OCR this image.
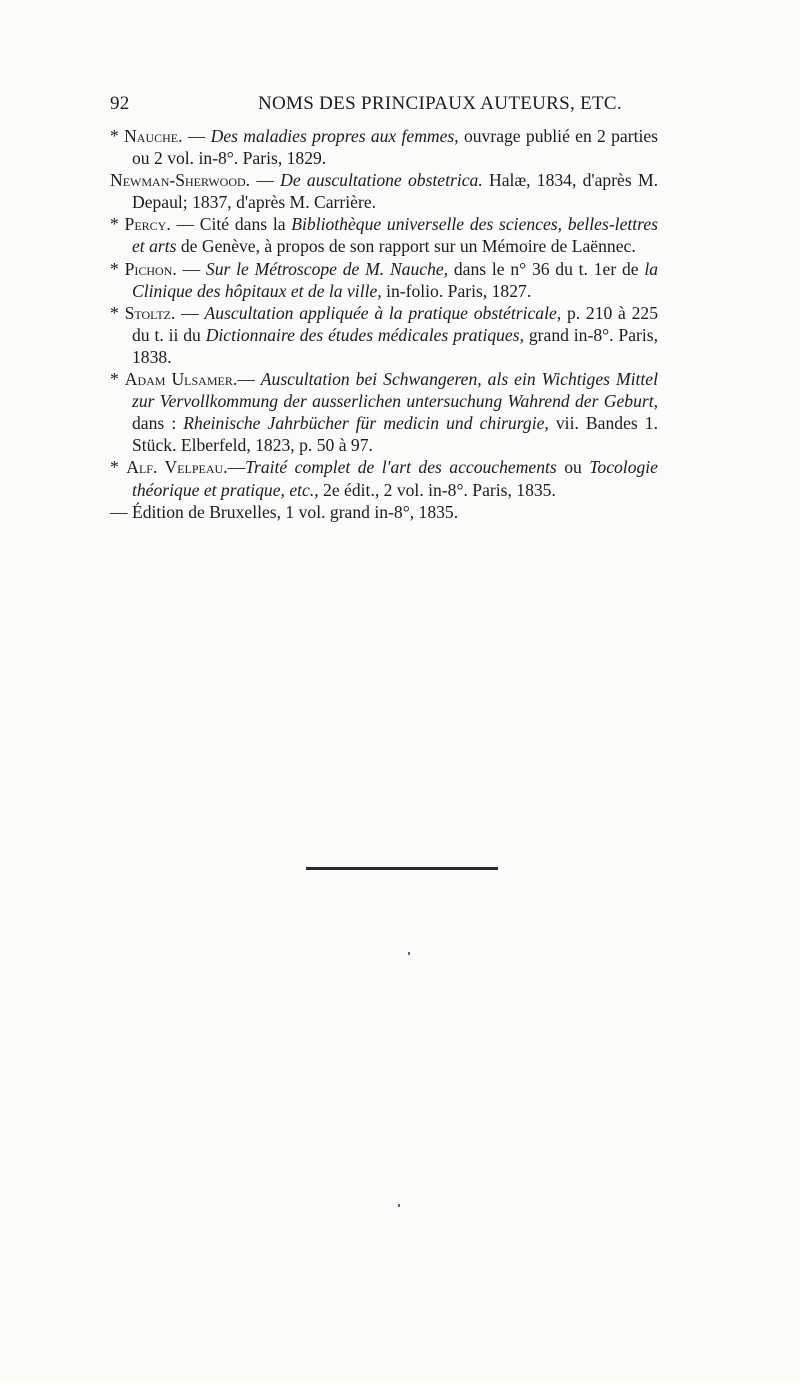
92	NOMS DES PRINCIPAUX AUTEURS, ETC.

* Nauche. — Des maladies propres aux femmes, ouvrage publié en 2 parties ou 2 vol. in-8°. Paris, 1829.

Newman-Sherwood. — De auscultatione obstetrica. Halæ, 1834, d'après M. Depaul; 1837, d'après M. Carrière.

* Percy. — Cité dans la Bibliothèque universelle des sciences, belles-lettres et arts de Genève, à propos de son rapport sur un Mémoire de Laënnec.

* Pichon. — Sur le Métroscope de M. Nauche, dans le n° 36 du t. 1er de la Clinique des hôpitaux et de la ville, in-folio. Paris, 1827.

* Stoltz. — Auscultation appliquée à la pratique obstétricale, p. 210 à 225 du t. ii du Dictionnaire des études médicales pratiques, grand in-8°. Paris, 1838.

* Adam Ulsamer.— Auscultation bei Schwangeren, als ein Wichtiges Mittel zur Vervollkommung der ausserlichen untersuchung Wahrend der Geburt, dans : Rheinische Jahrbücher für medicin und chirurgie, vii. Bandes 1. Stück. Elberfeld, 1823, p. 50 à 97.

* Alf. Velpeau.—Traité complet de l'art des accouchements ou Tocologie théorique et pratique, etc., 2e édit., 2 vol. in-8°. Paris, 1835.

— Édition de Bruxelles, 1 vol. grand in-8°, 1835.
